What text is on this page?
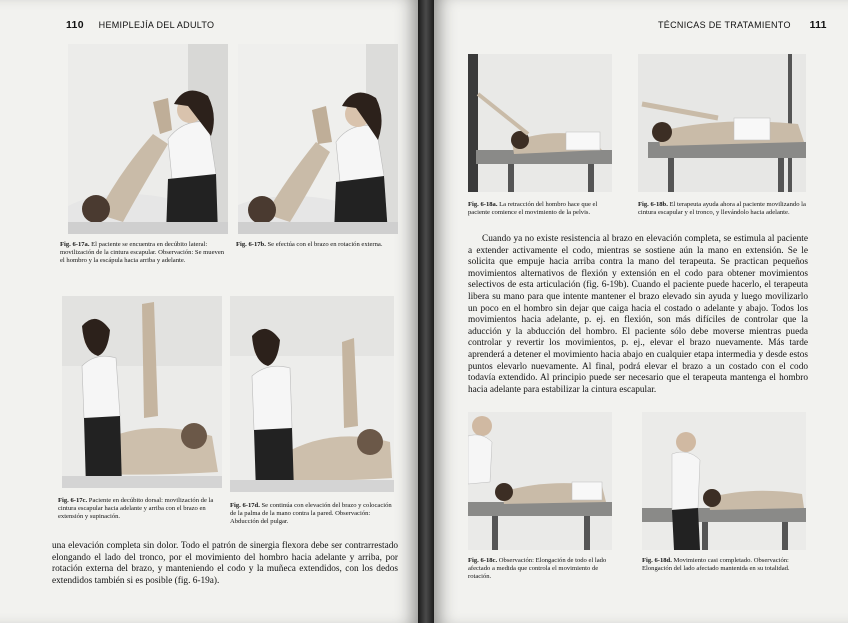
110 HEMIPLEJÍA DEL ADULTO
Fig. 6-17a. El paciente se encuentra en decúbito lateral: movilización de la cintura escapular. Observación: Se mueven el hombro y la escápula hacia arriba y adelante.
Fig. 6-17b. Se efectúa con el brazo en rotación externa.
Fig. 6-17c. Paciente en decúbito dorsal: movilización de la cintura escapular hacia adelante y arriba con el brazo en extensión y supinación.
Fig. 6-17d. Se continúa con elevación del brazo y colocación de la palma de la mano contra la pared. Observación: Abducción del pulgar.

una elevación completa sin dolor. Todo el patrón de sinergia flexora debe ser contrarrestado elongando el lado del tronco, por el movimiento del hombro hacia adelante y arriba, por rotación externa del brazo, y manteniendo el codo y la muñeca extendidos, con los dedos extendidos también si es posible (fig. 6-19a).

TÉCNICAS DE TRATAMIENTO 111
Fig. 6-18a. La retracción del hombro hace que el paciente comience el movimiento de la pelvis.
Fig. 6-18b. El terapeuta ayuda ahora al paciente movilizando la cintura escapular y el tronco, y llevándolo hacia adelante.

Cuando ya no existe resistencia al brazo en elevación completa, se estimula al paciente a extender activamente el codo, mientras se sostiene aún la mano en extensión. Se le solicita que empuje hacia arriba contra la mano del terapeuta. Se practican pequeños movimientos alternativos de flexión y extensión en el codo para obtener movimientos selectivos de esta articulación (fig. 6-19b). Cuando el paciente puede hacerlo, el terapeuta libera su mano para que intente mantener el brazo elevado sin ayuda y luego movilizarlo un poco en el hombro sin dejar que caiga hacia el costado o adelante y abajo. Todos los movimientos hacia adelante, p. ej. en flexión, son más difíciles de controlar que la aducción y la abducción del hombro. El paciente sólo debe moverse mientras pueda controlar y revertir los movimientos, p. ej., elevar el brazo nuevamente. Más tarde aprenderá a detener el movimiento hacia abajo en cualquier etapa intermedia y desde estos puntos elevarlo nuevamente. Al final, podrá elevar el brazo a un costado con el codo todavía extendido. Al principio puede ser necesario que el terapeuta mantenga el hombro hacia adelante para estabilizar la cintura escapular.

Fig. 6-18c. Observación: Elongación de todo el lado afectado a medida que controla el movimiento de rotación.
Fig. 6-18d. Movimiento casi completado. Observación: Elongación del lado afectado mantenida en su totalidad.
